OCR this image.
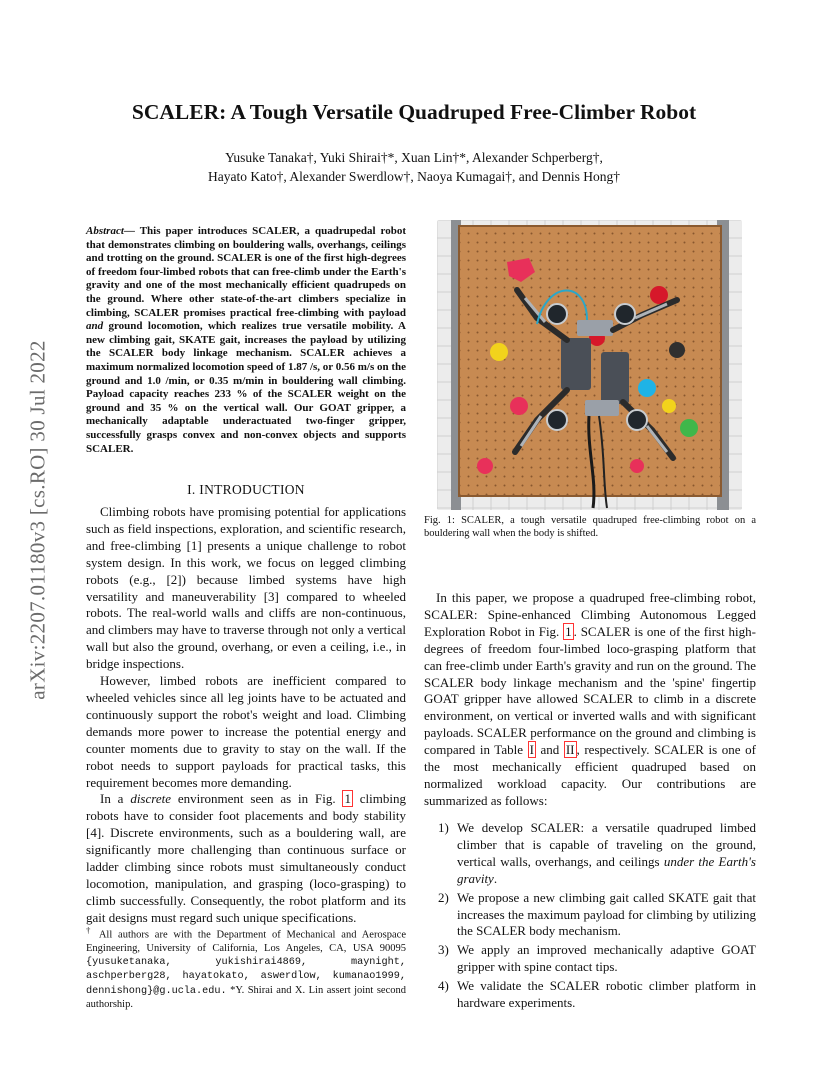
arXiv:2207.01180v3 [cs.RO] 30 Jul 2022
SCALER: A Tough Versatile Quadruped Free-Climber Robot
Yusuke Tanaka†, Yuki Shirai†*, Xuan Lin†*, Alexander Schperberg†,
Hayato Kato†, Alexander Swerdlow†, Naoya Kumagai†, and Dennis Hong†
Abstract— This paper introduces SCALER, a quadrupedal robot that demonstrates climbing on bouldering walls, overhangs, ceilings and trotting on the ground. SCALER is one of the first high-degrees of freedom four-limbed robots that can free-climb under the Earth's gravity and one of the most mechanically efficient quadrupeds on the ground. Where other state-of-the-art climbers specialize in climbing, SCALER promises practical free-climbing with payload and ground locomotion, which realizes true versatile mobility. A new climbing gait, SKATE gait, increases the payload by utilizing the SCALER body linkage mechanism. SCALER achieves a maximum normalized locomotion speed of 1.87 /s, or 0.56 m/s on the ground and 1.0 /min, or 0.35 m/min in bouldering wall climbing. Payload capacity reaches 233 % of the SCALER weight on the ground and 35 % on the vertical wall. Our GOAT gripper, a mechanically adaptable underactuated two-finger gripper, successfully grasps convex and non-convex objects and supports SCALER.
I. INTRODUCTION
Climbing robots have promising potential for applications such as field inspections, exploration, and scientific research, and free-climbing [1] presents a unique challenge to robot system design. In this work, we focus on legged climbing robots (e.g., [2]) because limbed systems have high versatility and maneuverability [3] compared to wheeled robots. The real-world walls and cliffs are non-continuous, and climbers may have to traverse through not only a vertical wall but also the ground, overhang, or even a ceiling, i.e., in bridge inspections.
However, limbed robots are inefficient compared to wheeled vehicles since all leg joints have to be actuated and continuously support the robot's weight and load. Climbing demands more power to increase the potential energy and counter moments due to gravity to stay on the wall. If the robot needs to support payloads for practical tasks, this requirement becomes more demanding.
In a discrete environment seen as in Fig. 1 climbing robots have to consider foot placements and body stability [4]. Discrete environments, such as a bouldering wall, are significantly more challenging than continuous surface or ladder climbing since robots must simultaneously conduct locomotion, manipulation, and grasping (loco-grasping) to climb successfully. Consequently, the robot platform and its gait designs must regard such unique specifications.
† All authors are with the Department of Mechanical and Aerospace Engineering, University of California, Los Angeles, CA, USA 90095 {yusuketanaka, yukishirai4869, maynight, aschperberg28, hayatokato, aswerdlow, kumanao1999, dennishong}@g.ucla.edu. *Y. Shirai and X. Lin assert joint second authorship.
Fig. 1: SCALER, a tough versatile quadruped free-climbing robot on a bouldering wall when the body is shifted.
In this paper, we propose a quadruped free-climbing robot, SCALER: Spine-enhanced Climbing Autonomous Legged Exploration Robot in Fig. 1 . SCALER is one of the first high-degrees of freedom four-limbed loco-grasping platform that can free-climb under Earth's gravity and run on the ground. The SCALER body linkage mechanism and the 'spine' fingertip GOAT gripper have allowed SCALER to climb in a discrete environment, on vertical or inverted walls and with significant payloads. SCALER performance on the ground and climbing is compared in Table I and II , respectively. SCALER is one of the most mechanically efficient quadruped based on normalized workload capacity. Our contributions are summarized as follows:
1) We develop SCALER: a versatile quadruped limbed climber that is capable of traveling on the ground, vertical walls, overhangs, and ceilings under the Earth's gravity.
2) We propose a new climbing gait called SKATE gait that increases the maximum payload for climbing by utilizing the SCALER body mechanism.
3) We apply an improved mechanically adaptive GOAT gripper with spine contact tips.
4) We validate the SCALER robotic climber platform in hardware experiments.
